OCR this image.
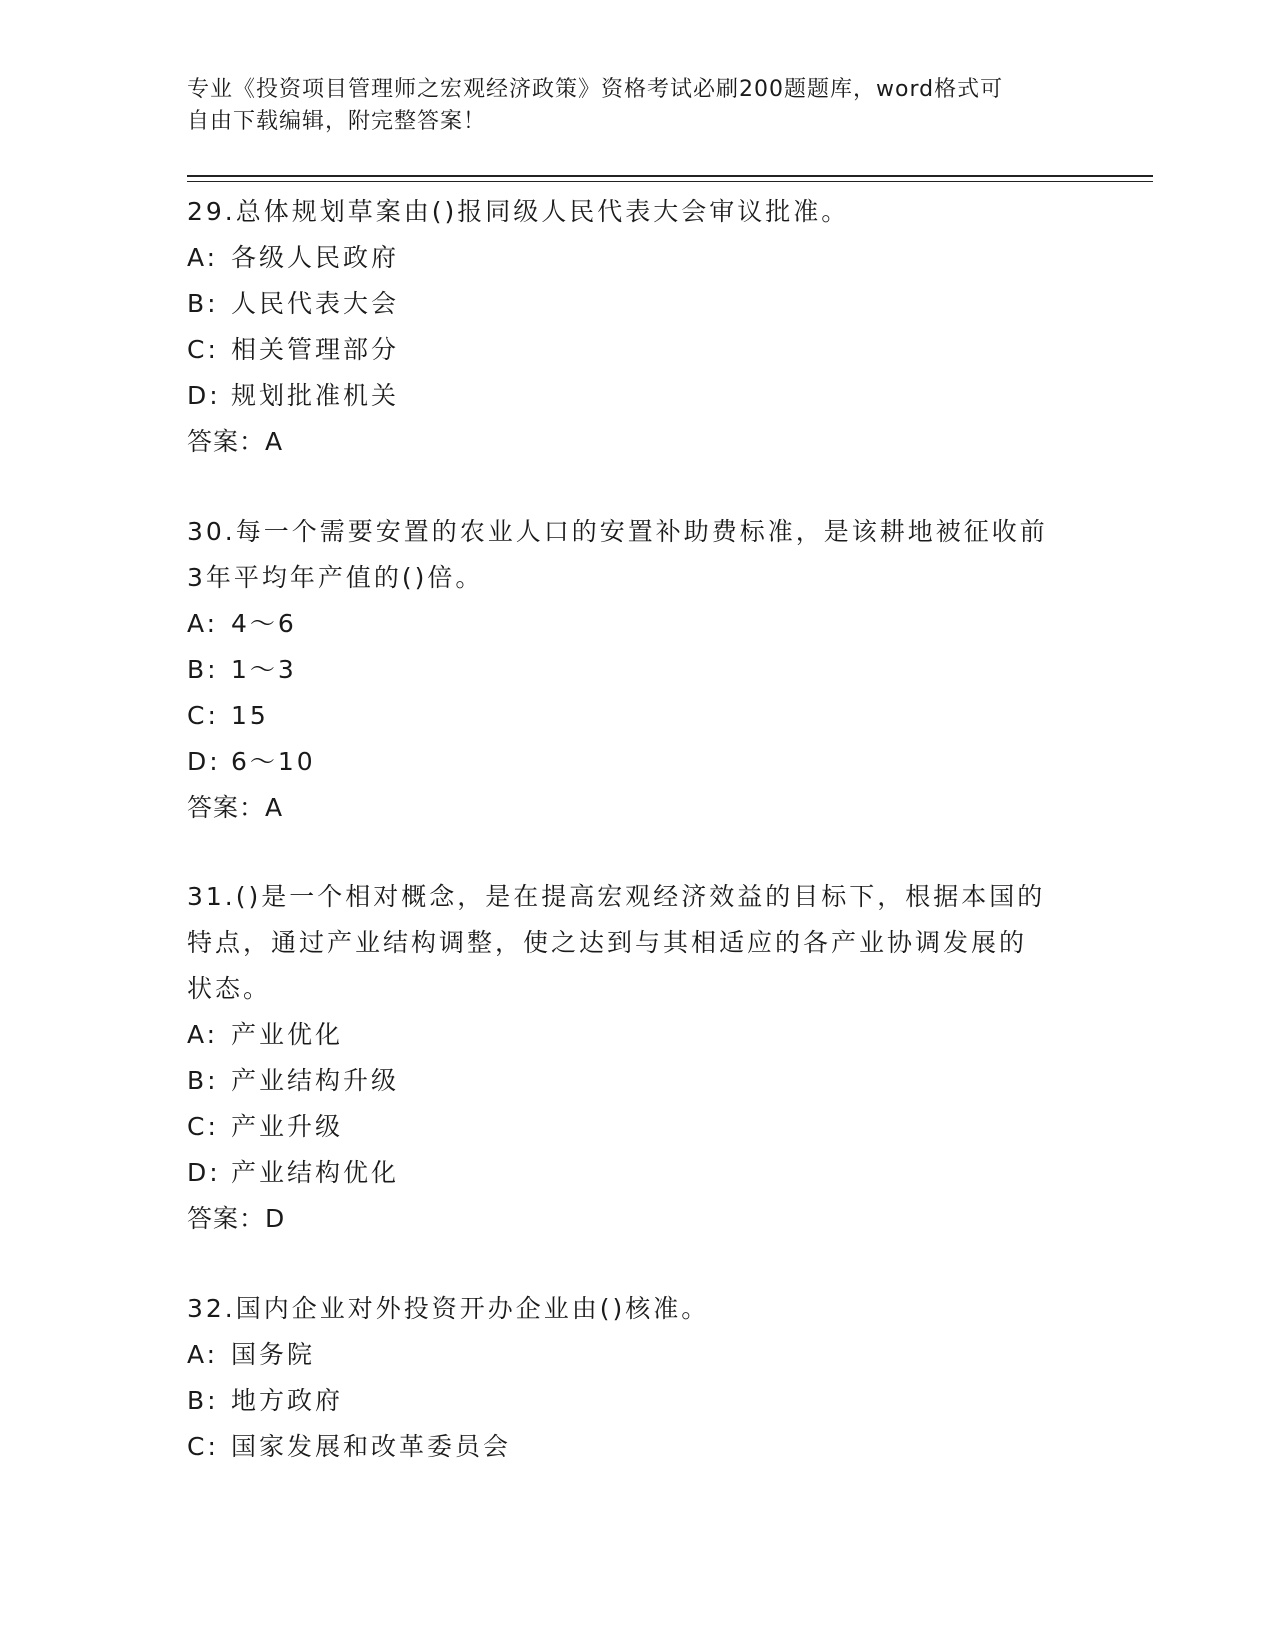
专业《投资项目管理师之宏观经济政策》资格考试必刷200题题库，word格式可
自由下载编辑，附完整答案！
29.总体规划草案由()报同级人民代表大会审议批准。
A: 各级人民政府
B: 人民代表大会
C: 相关管理部分
D: 规划批准机关
答案：A
30.每一个需要安置的农业人口的安置补助费标准，是该耕地被征收前
3年平均年产值的()倍。
A: 4～6
B: 1～3
C: 15
D: 6～10
答案：A
31.()是一个相对概念，是在提高宏观经济效益的目标下，根据本国的
特点，通过产业结构调整，使之达到与其相适应的各产业协调发展的
状态。
A: 产业优化
B: 产业结构升级
C: 产业升级
D: 产业结构优化
答案：D
32.国内企业对外投资开办企业由()核准。
A: 国务院
B: 地方政府
C: 国家发展和改革委员会
